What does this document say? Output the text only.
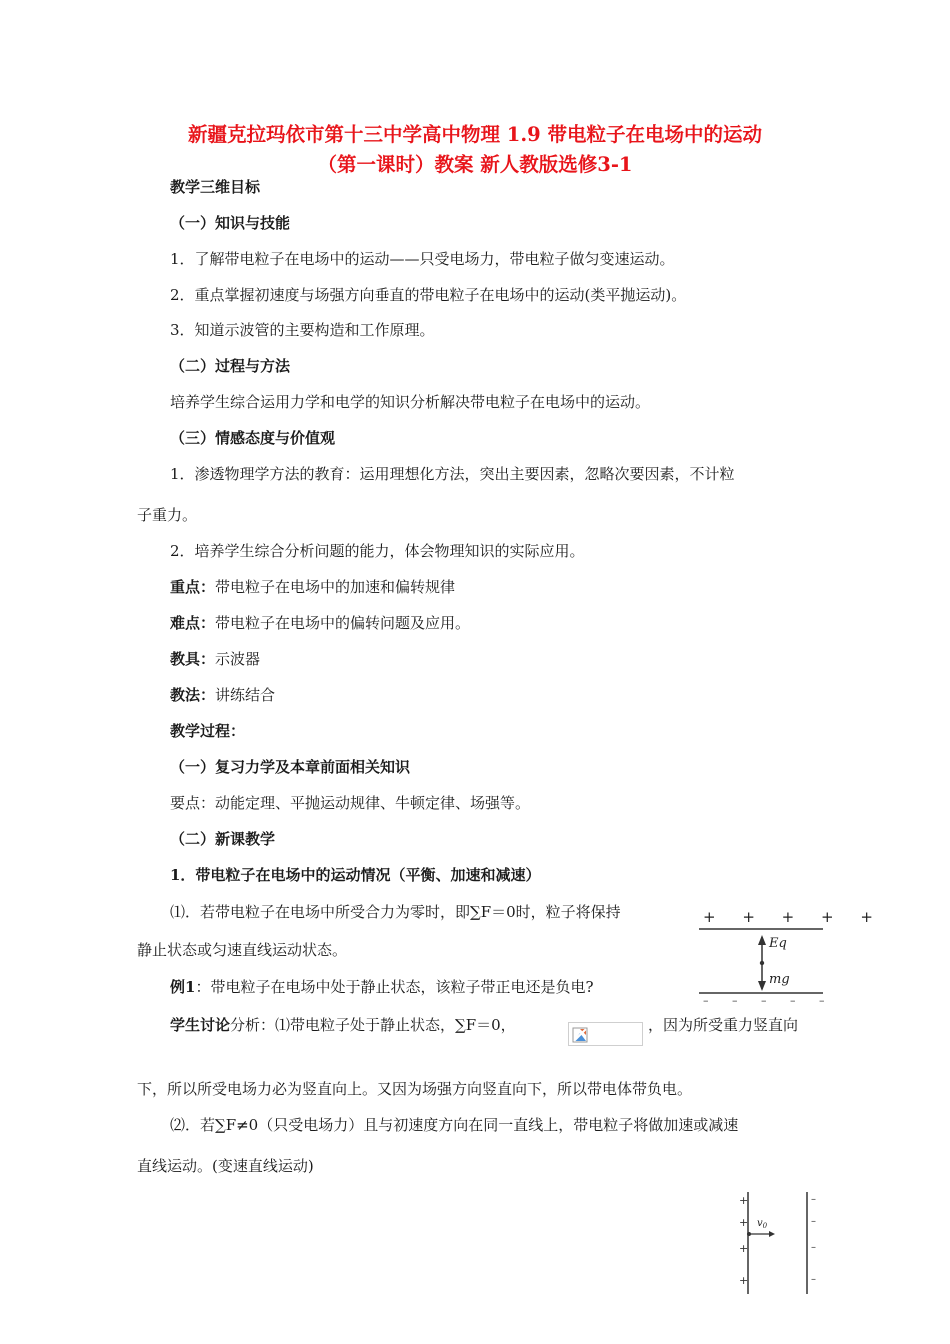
新疆克拉玛依市第十三中学高中物理 1.9 带电粒子在电场中的运动
（第一课时）教案 新人教版选修3-1
教学三维目标
（一）知识与技能
1．了解带电粒子在电场中的运动——只受电场力，带电粒子做匀变速运动。
2．重点掌握初速度与场强方向垂直的带电粒子在电场中的运动(类平抛运动)。
3．知道示波管的主要构造和工作原理。
（二）过程与方法
培养学生综合运用力学和电学的知识分析解决带电粒子在电场中的运动。
（三）情感态度与价值观
1．渗透物理学方法的教育：运用理想化方法，突出主要因素，忽略次要因素，不计粒
子重力。
2．培养学生综合分析问题的能力，体会物理知识的实际应用。
重点：带电粒子在电场中的加速和偏转规律
难点：带电粒子在电场中的偏转问题及应用。
教具：示波器
教法：讲练结合
教学过程：
（一）复习力学及本章前面相关知识
要点：动能定理、平抛运动规律、牛顿定律、场强等。
（二）新课教学
1．带电粒子在电场中的运动情况（平衡、加速和减速）
⑴．若带电粒子在电场中所受合力为零时，即∑F＝0时，粒子将保持
静止状态或匀速直线运动状态。
例1：带电粒子在电场中处于静止状态，该粒子带正电还是负电?
学生讨论分析：⑴带电粒子处于静止状态，∑F＝0，	，因为所受重力竖直向
下，所以所受电场力必为竖直向上。又因为场强方向竖直向下，所以带电体带负电。
⑵．若∑F≠0（只受电场力）且与初速度方向在同一直线上，带电粒子将做加速或减速
直线运动。(变速直线运动)
+ + + + +
Eq
mg
– – – – –
+
+
+
+
$v_0$
–
–
–
–
